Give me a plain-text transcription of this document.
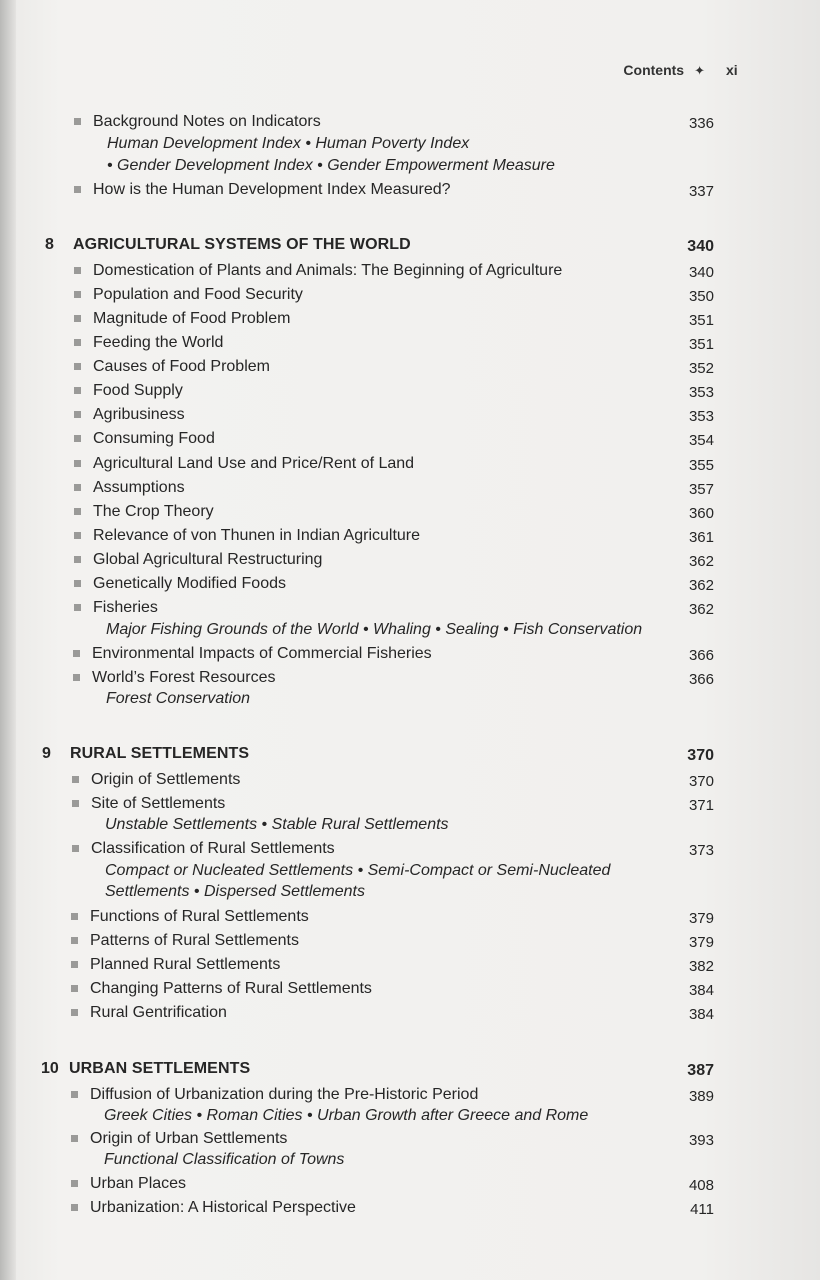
Contents ✦ xi
Background Notes on Indicators	336
Human Development Index • Human Poverty Index
• Gender Development Index • Gender Empowerment Measure
How is the Human Development Index Measured?	337
8 AGRICULTURAL SYSTEMS OF THE WORLD	340
Domestication of Plants and Animals: The Beginning of Agriculture	340
Population and Food Security	350
Magnitude of Food Problem	351
Feeding the World	351
Causes of Food Problem	352
Food Supply	353
Agribusiness	353
Consuming Food	354
Agricultural Land Use and Price/Rent of Land	355
Assumptions	357
The Crop Theory	360
Relevance of von Thunen in Indian Agriculture	361
Global Agricultural Restructuring	362
Genetically Modified Foods	362
Fisheries	362
Major Fishing Grounds of the World • Whaling • Sealing • Fish Conservation
Environmental Impacts of Commercial Fisheries	366
World’s Forest Resources	366
Forest Conservation
9 RURAL SETTLEMENTS	370
Origin of Settlements	370
Site of Settlements	371
Unstable Settlements • Stable Rural Settlements
Classification of Rural Settlements	373
Compact or Nucleated Settlements • Semi-Compact or Semi-Nucleated
Settlements • Dispersed Settlements
Functions of Rural Settlements	379
Patterns of Rural Settlements	379
Planned Rural Settlements	382
Changing Patterns of Rural Settlements	384
Rural Gentrification	384
10 URBAN SETTLEMENTS	387
Diffusion of Urbanization during the Pre-Historic Period	389
Greek Cities • Roman Cities • Urban Growth after Greece and Rome
Origin of Urban Settlements	393
Functional Classification of Towns
Urban Places	408
Urbanization: A Historical Perspective	411
